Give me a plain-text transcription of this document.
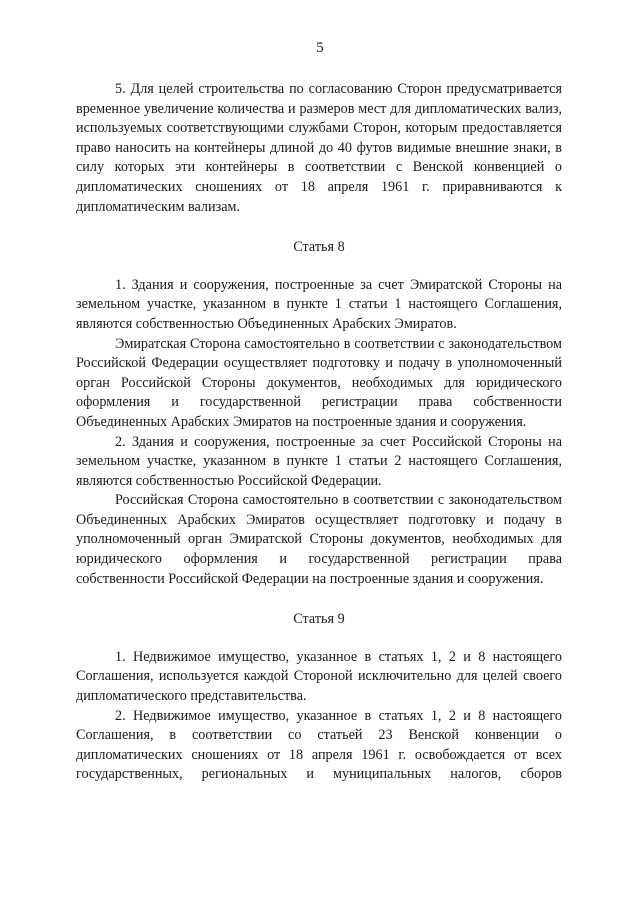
5

5. Для целей строительства по согласованию Сторон предусматривается временное увеличение количества и размеров мест для дипломатических вализ, используемых соответствующими службами Сторон, которым предоставляется право наносить на контейнеры длиной до 40 футов видимые внешние знаки, в силу которых эти контейнеры в соответствии с Венской конвенцией о дипломатических сношениях от 18 апреля 1961 г. приравниваются к дипломатическим вализам.

Статья 8

1. Здания и сооружения, построенные за счет Эмиратской Стороны на земельном участке, указанном в пункте 1 статьи 1 настоящего Соглашения, являются собственностью Объединенных Арабских Эмиратов.

Эмиратская Сторона самостоятельно в соответствии с законодательством Российской Федерации осуществляет подготовку и подачу в уполномоченный орган Российской Стороны документов, необходимых для юридического оформления и государственной регистрации права собственности Объединенных Арабских Эмиратов на построенные здания и сооружения.

2. Здания и сооружения, построенные за счет Российской Стороны на земельном участке, указанном в пункте 1 статьи 2 настоящего Соглашения, являются собственностью Российской Федерации.

Российская Сторона самостоятельно в соответствии с законодательством Объединенных Арабских Эмиратов осуществляет подготовку и подачу в уполномоченный орган Эмиратской Стороны документов, необходимых для юридического оформления и государственной регистрации права собственности Российской Федерации на построенные здания и сооружения.

Статья 9

1. Недвижимое имущество, указанное в статьях 1, 2 и 8 настоящего Соглашения, используется каждой Стороной исключительно для целей своего дипломатического представительства.

2. Недвижимое имущество, указанное в статьях 1, 2 и 8 настоящего Соглашения, в соответствии со статьей 23 Венской конвенции о дипломатических сношениях от 18 апреля 1961 г. освобождается от всех государственных, региональных и муниципальных налогов, сборов
